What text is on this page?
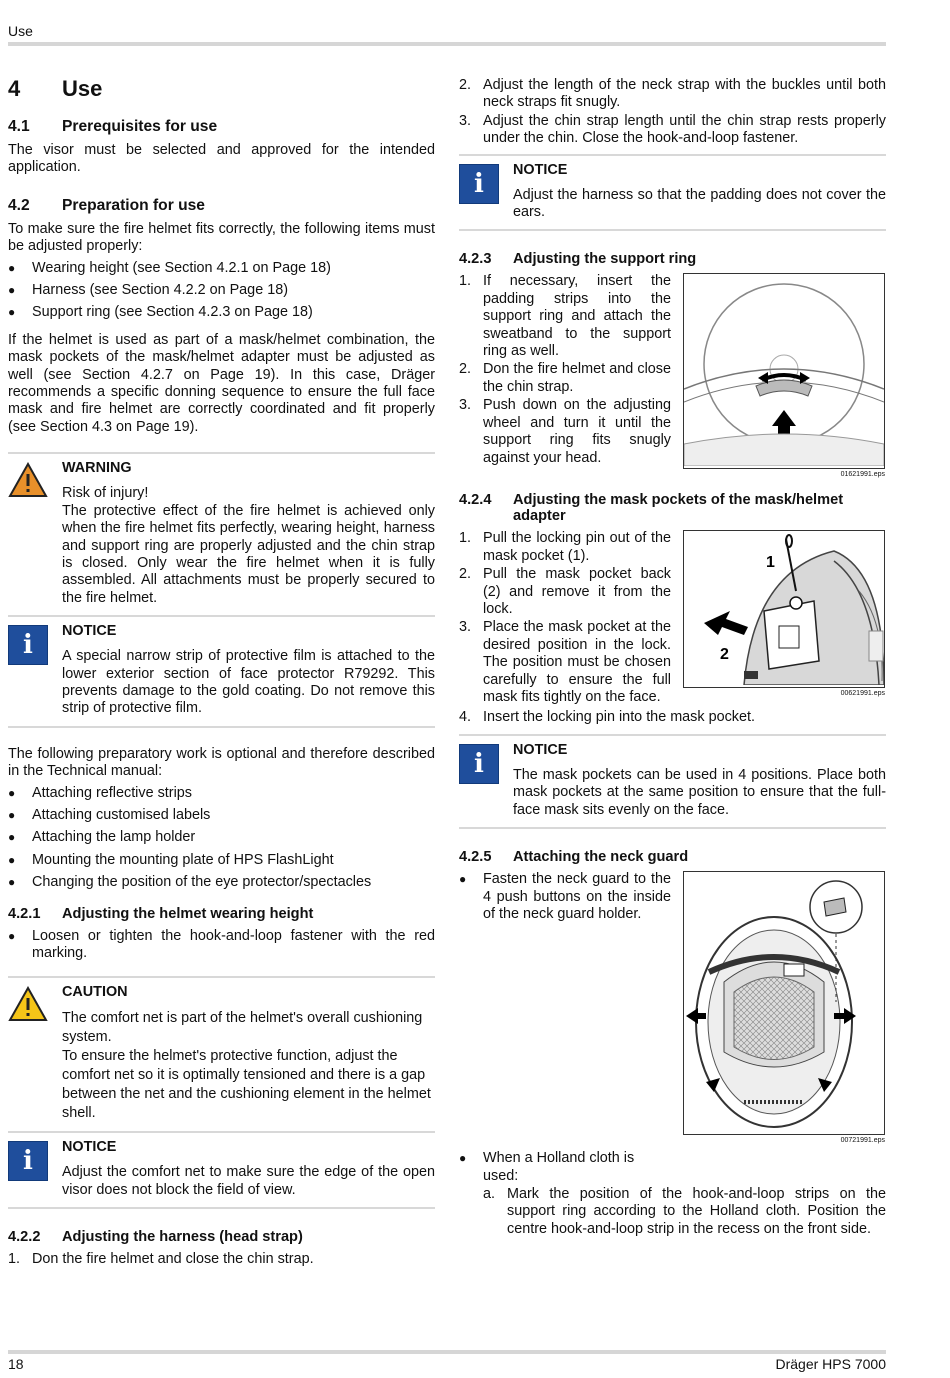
Use
4	Use
4.1	Prerequisites for use

The visor must be selected and approved for the intended application.

4.2	Preparation for use

To make sure the fire helmet fits correctly, the following items must be adjusted properly:

● Wearing height (see Section 4.2.1 on Page 18)
● Harness (see Section 4.2.2 on Page 18)
● Support ring (see Section 4.2.3 on Page 18)

If the helmet is used as part of a mask/helmet combination, the mask pockets of the mask/helmet adapter must be adjusted as well (see Section 4.2.7 on Page 19). In this case, Dräger recommends a specific donning sequence to ensure the full face mask and fire helmet are correctly coordinated and fit properly (see Section 4.3 on Page 19).

WARNING

Risk of injury!

The protective effect of the fire helmet is achieved only when the fire helmet fits perfectly, wearing height, harness and support ring are properly adjusted and the chin strap is closed. Only wear the fire helmet when it is fully assembled. All attachments must be properly secured to the fire helmet.

i	NOTICE

A special narrow strip of protective film is attached to the lower exterior section of face protector R79292. This prevents damage to the gold coating. Do not remove this strip of protective film.

The following preparatory work is optional and therefore described in the Technical manual:

● Attaching reflective strips
● Attaching customised labels
● Attaching the lamp holder
● Mounting the mounting plate of HPS FlashLight
● Changing the position of the eye protector/spectacles
4.2.1	Adjusting the helmet wearing height
● Loosen or tighten the hook-and-loop fastener with the red marking.
CAUTION

The comfort net is part of the helmet's overall cushioning system.

To ensure the helmet's protective function, adjust the comfort net so it is optimally tensioned and there is a gap between the net and the cushioning element in the helmet shell.

i	NOTICE

Adjust the comfort net to make sure the edge of the open visor does not block the field of view.

4.2.2	Adjusting the harness (head strap)
1. Don the fire helmet and close the chin strap.
2. Adjust the length of the neck strap with the buckles until both neck straps fit snugly.
3. Adjust the chin strap length until the chin strap rests properly under the chin. Close the hook-and-loop fastener.
i	NOTICE

Adjust the harness so that the padding does not cover the ears.

4.2.3	Adjusting the support ring
1. If necessary, insert the padding strips into the support ring and attach the sweatband to the support ring as well.
2. Don the fire helmet and close the chin strap.
3. Push down on the adjusting wheel and turn it until the support ring fits snugly against your head.
01621991.eps
4.2.4	Adjusting the mask pockets of the mask/helmet adapter
1. Pull the locking pin out of the mask pocket (1).
2. Pull the mask pocket back (2) and remove it from the lock.
3. Place the mask pocket at the desired position in the lock. The position must be chosen carefully to ensure the full mask fits tightly on the face.
1
2
00621991.eps
4. Insert the locking pin into the mask pocket.
i	NOTICE

The mask pockets can be used in 4 positions. Place both mask pockets at the same position to ensure that the full-face mask sits evenly on the face.

4.2.5	Attaching the neck guard
● Fasten the neck guard to the 4 push buttons on the inside of the neck guard holder.
00721991.eps
● When a Holland cloth is used:
a. Mark the position of the hook-and-loop strips on the support ring according to the Holland cloth. Position the centre hook-and-loop strip in the recess on the front side.
18	Dräger HPS 7000
